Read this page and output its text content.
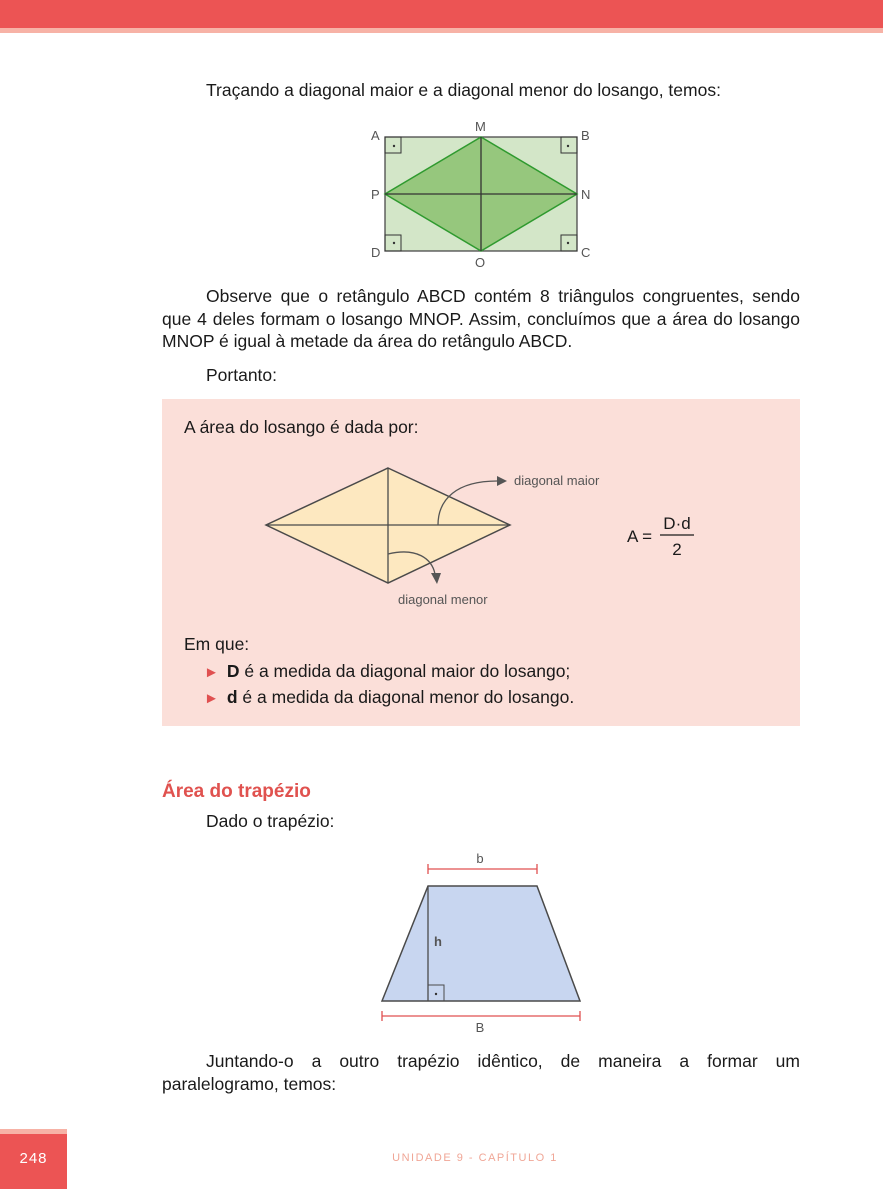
Traçando a diagonal maior e a diagonal menor do losango, temos:

A	B
M
P	N
D	C
O

Observe que o retângulo ABCD contém 8 triângulos congruentes, sendo que 4 deles formam o losango MNOP. Assim, concluímos que a área do losango MNOP é igual à metade da área do retângulo ABCD.

Portanto:

A área do losango é dada por:
diagonal maior
diagonal menor
A =
D·d
2
Em que:
► D é a medida da diagonal maior do losango;
► d é a medida da diagonal menor do losango.
Área do trapézio

Dado o trapézio:

b
h
B

Juntando-o a outro trapézio idêntico, de maneira a formar um paralelogramo, temos:

248	UNIDADE 9 - CAPÍTULO 1
